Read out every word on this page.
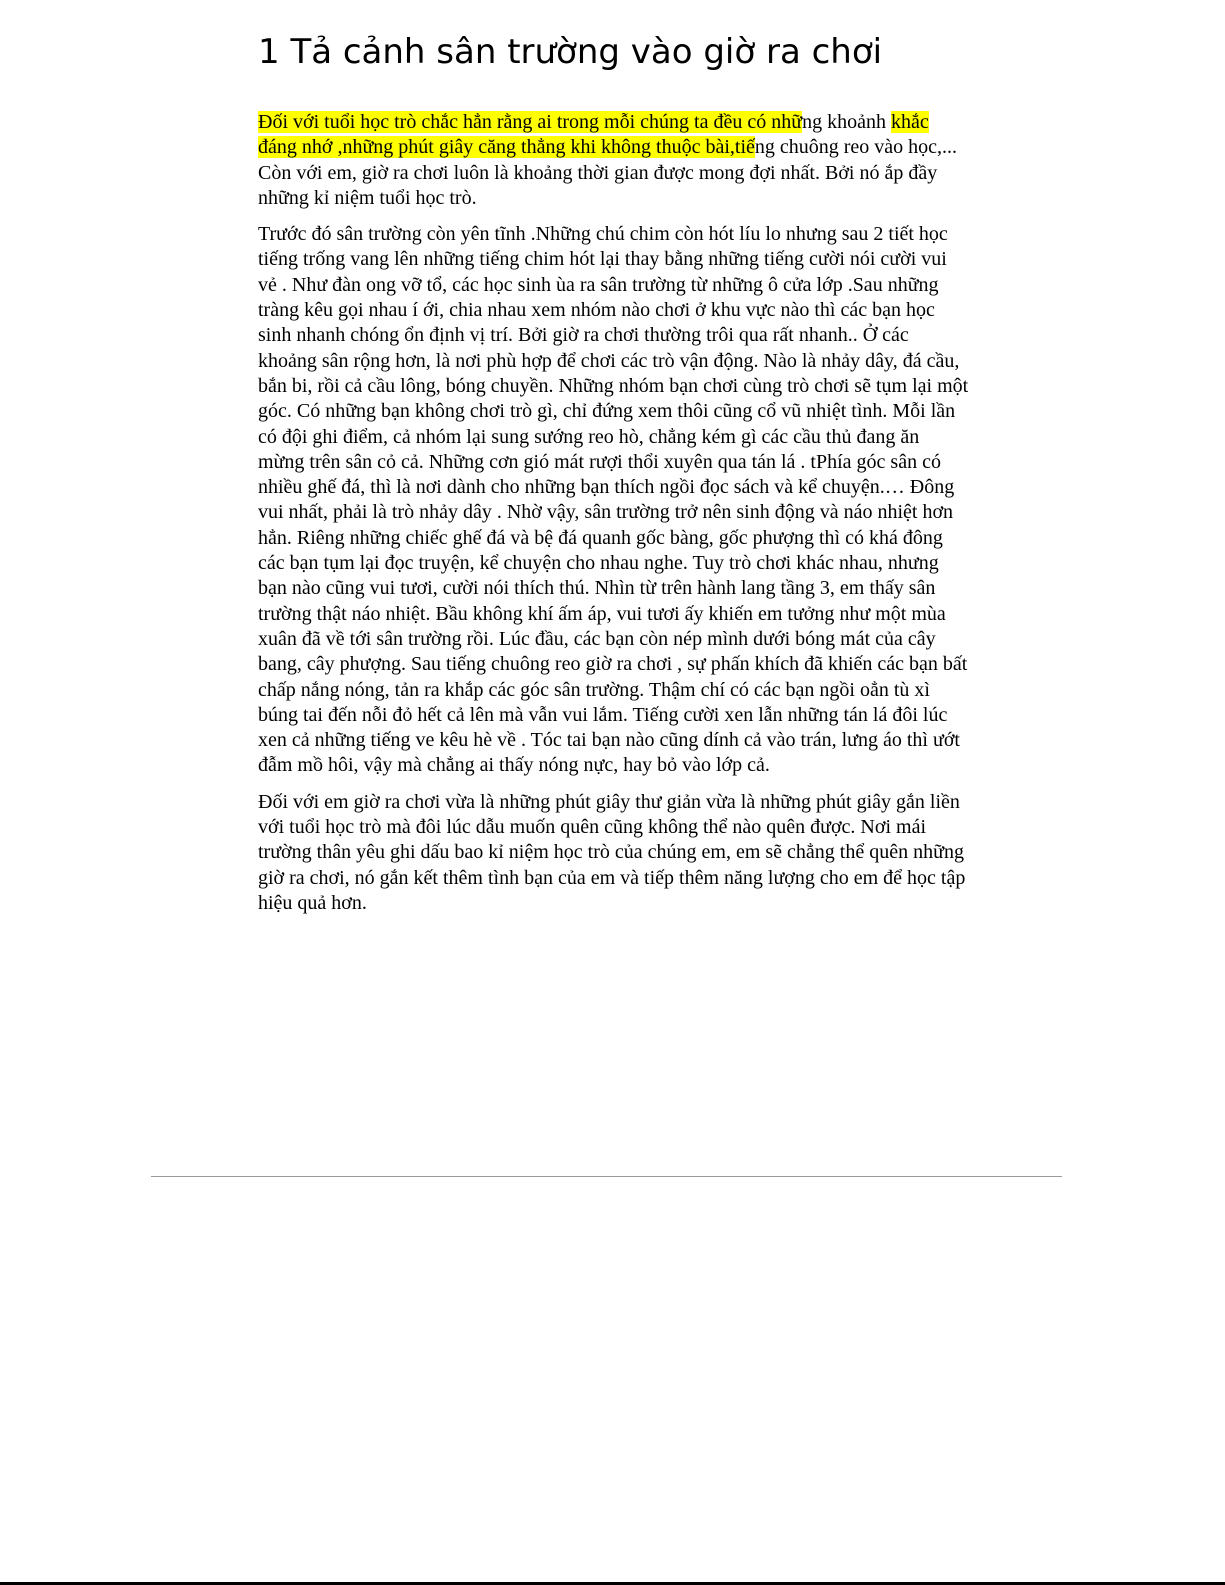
1 Tả cảnh sân trường vào giờ ra chơi

Đối với tuổi học trò chắc hẳn rằng ai trong mỗi chúng ta đều có những khoảnh khắc đáng nhớ ,những phút giây căng thẳng khi không thuộc bài,tiếng chuông reo vào học,... Còn với em, giờ ra chơi luôn là khoảng thời gian được mong đợi nhất. Bởi nó ắp đầy những kỉ niệm tuổi học trò.

Trước đó sân trường còn yên tĩnh .Những chú chim còn hót líu lo nhưng sau 2 tiết học tiếng trống vang lên những tiếng chim hót lại thay bằng những tiếng cười nói cười vui vẻ . Như đàn ong vỡ tổ, các học sinh ùa ra sân trường từ những ô cửa lớp .Sau những tràng kêu gọi nhau í ới, chia nhau xem nhóm nào chơi ở khu vực nào thì các bạn học sinh nhanh chóng ổn định vị trí. Bởi giờ ra chơi thường trôi qua rất nhanh.. Ở các khoảng sân rộng hơn, là nơi phù hợp để chơi các trò vận động. Nào là nhảy dây, đá cầu, bắn bi, rồi cả cầu lông, bóng chuyền. Những nhóm bạn chơi cùng trò chơi sẽ tụm lại một góc. Có những bạn không chơi trò gì, chỉ đứng xem thôi cũng cổ vũ nhiệt tình. Mỗi lần có đội ghi điểm, cả nhóm lại sung sướng reo hò, chẳng kém gì các cầu thủ đang ăn mừng trên sân cỏ cả. Những cơn gió mát rượi thổi xuyên qua tán lá . tPhía góc sân có nhiều ghế đá, thì là nơi dành cho những bạn thích ngồi đọc sách và kể chuyện.… Đông vui nhất, phải là trò nhảy dây . Nhờ vậy, sân trường trở nên sinh động và náo nhiệt hơn hẳn. Riêng những chiếc ghế đá và bệ đá quanh gốc bàng, gốc phượng thì có khá đông các bạn tụm lại đọc truyện, kể chuyện cho nhau nghe. Tuy trò chơi khác nhau, nhưng bạn nào cũng vui tươi, cười nói thích thú. Nhìn từ trên hành lang tầng 3, em thấy sân trường thật náo nhiệt. Bầu không khí ấm áp, vui tươi ấy khiến em tưởng như một mùa xuân đã về tới sân trường rồi. Lúc đầu, các bạn còn nép mình dưới bóng mát của cây bang, cây phượng. Sau tiếng chuông reo giờ ra chơi , sự phấn khích đã khiến các bạn bất chấp nắng nóng, tản ra khắp các góc sân trường. Thậm chí có các bạn ngồi oẳn tù xì búng tai đến nỗi đỏ hết cả lên mà vẫn vui lắm. Tiếng cười xen lẫn những tán lá đôi lúc xen cả những tiếng ve kêu hè về . Tóc tai bạn nào cũng dính cả vào trán, lưng áo thì ướt đẫm mồ hôi, vậy mà chẳng ai thấy nóng nực, hay bỏ vào lớp cả.

Đối với em giờ ra chơi vừa là những phút giây thư giản vừa là những phút giây gắn liền với tuổi học trò mà đôi lúc dẫu muốn quên cũng không thể nào quên được. Nơi mái trường thân yêu ghi dấu bao kỉ niệm học trò của chúng em, em sẽ chẳng thể quên những giờ ra chơi, nó gắn kết thêm tình bạn của em và tiếp thêm năng lượng cho em để học tập hiệu quả hơn.
